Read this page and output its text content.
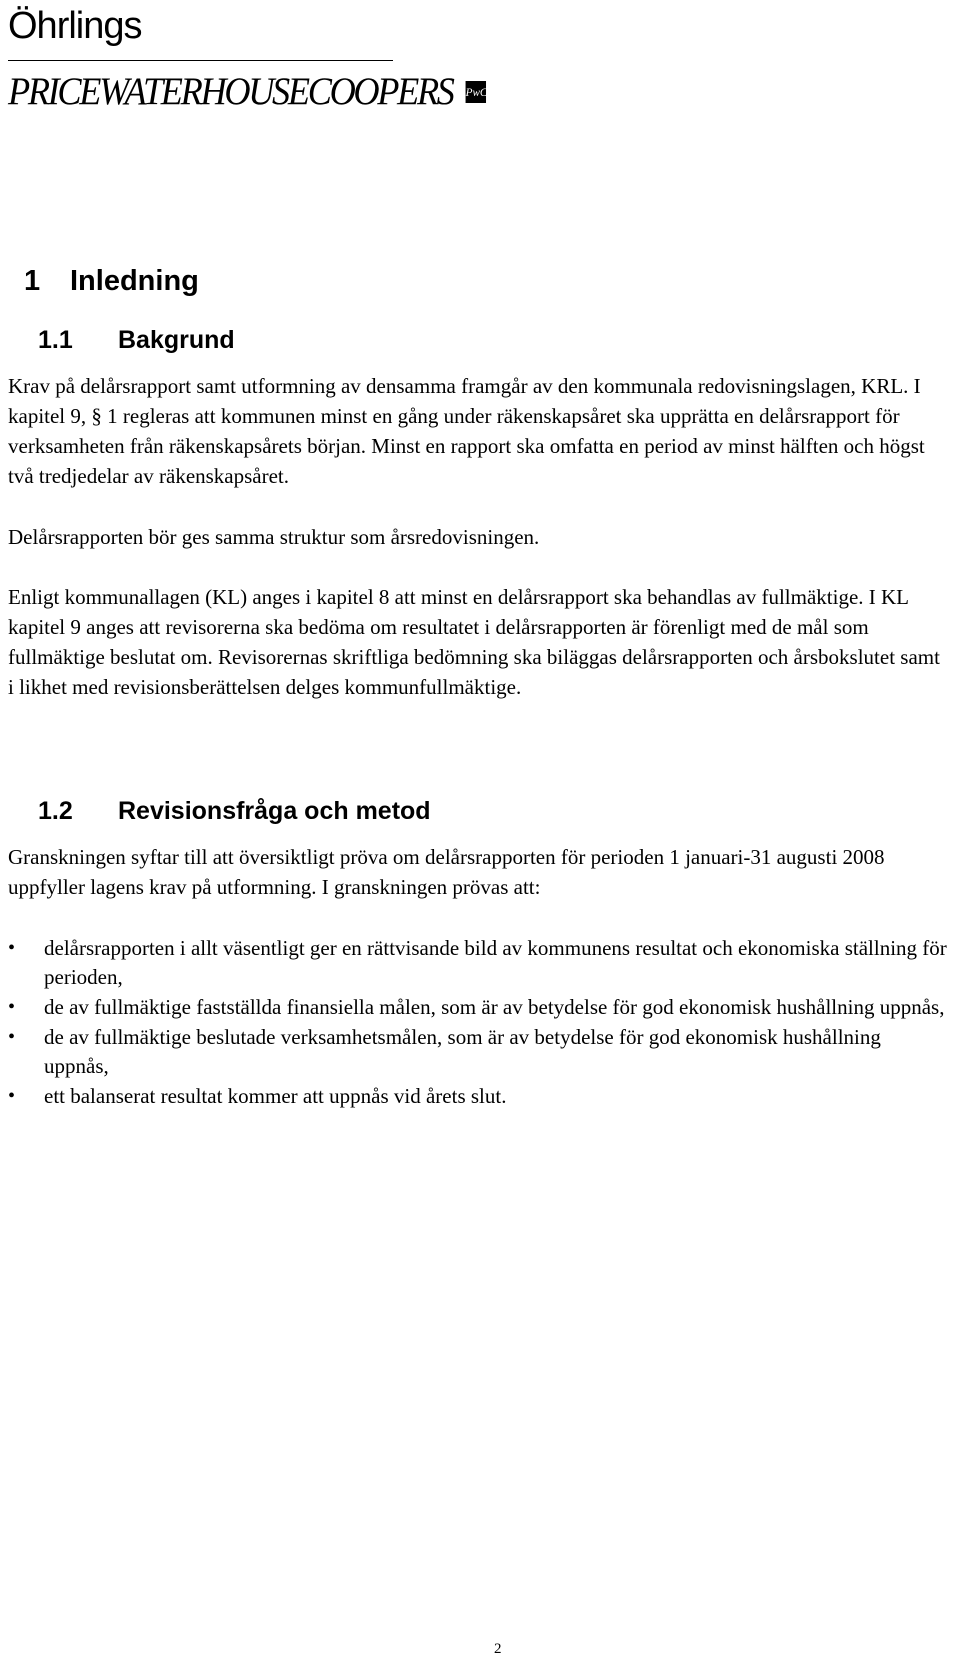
Öhrlings
PRICEWATERHOUSECOOPERS PwC
1 Inledning
1.1 Bakgrund

Krav på delårsrapport samt utformning av densamma framgår av den kommunala redovisningslagen, KRL. I kapitel 9, § 1 regleras att kommunen minst en gång under räkenskapsåret ska upprätta en delårsrapport för verksamheten från räkenskapsårets början. Minst en rapport ska omfatta en period av minst hälften och högst två tredjedelar av räkenskapsåret.

Delårsrapporten bör ges samma struktur som årsredovisningen.

Enligt kommunallagen (KL) anges i kapitel 8 att minst en delårsrapport ska behandlas av fullmäktige. I KL kapitel 9 anges att revisorerna ska bedöma om resultatet i delårsrapporten är förenligt med de mål som fullmäktige beslutat om. Revisorernas skriftliga bedömning ska biläggas delårsrapporten och årsbokslutet samt i likhet med revisionsberättelsen delges kommunfullmäktige.

1.2 Revisionsfråga och metod

Granskningen syftar till att översiktligt pröva om delårsrapporten för perioden 1 januari-31 augusti 2008 uppfyller lagens krav på utformning. I granskningen prövas att:

•	delårsrapporten i allt väsentligt ger en rättvisande bild av kommunens resultat och ekonomiska ställning för perioden,
•	de av fullmäktige fastställda finansiella målen, som är av betydelse för god ekonomisk hushållning uppnås,
•	de av fullmäktige beslutade verksamhetsmålen, som är av betydelse för god ekonomisk hushållning uppnås,
•	ett balanserat resultat kommer att uppnås vid årets slut.
2
